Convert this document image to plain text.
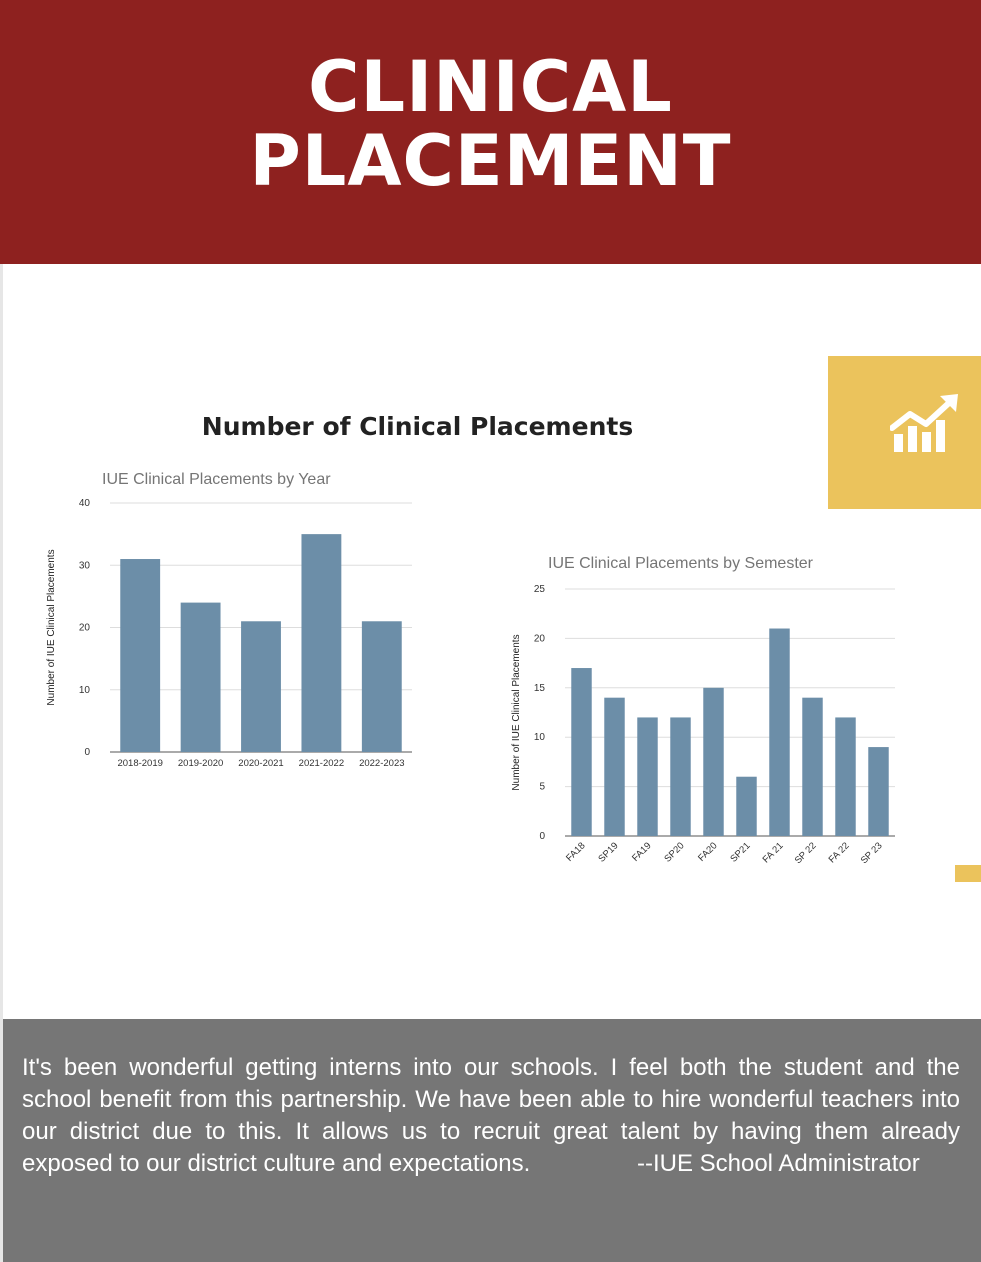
CLINICAL
PLACEMENT
Number of Clinical Placements
IUE Clinical Placements by Year
Number of IUE Clinical Placements
0
10
20
30
40
2018-2019 2019-2020 2020-2021 2021-2022 2022-2023
IUE Clinical Placements by Semester
Number of IUE Clinical Placements
0
5
10
15
20
25
FA18 SP19 FA19 SP20 FA20 SP21 FA 21 SP 22 FA 22 SP 23
It's been wonderful getting interns into our schools. I feel both the student and the school benefit from this partnership. We have been able to hire wonderful teachers into our district due to this. It allows us to recruit great talent by having them already exposed to our district culture and expectations.	--IUE School Administrator
